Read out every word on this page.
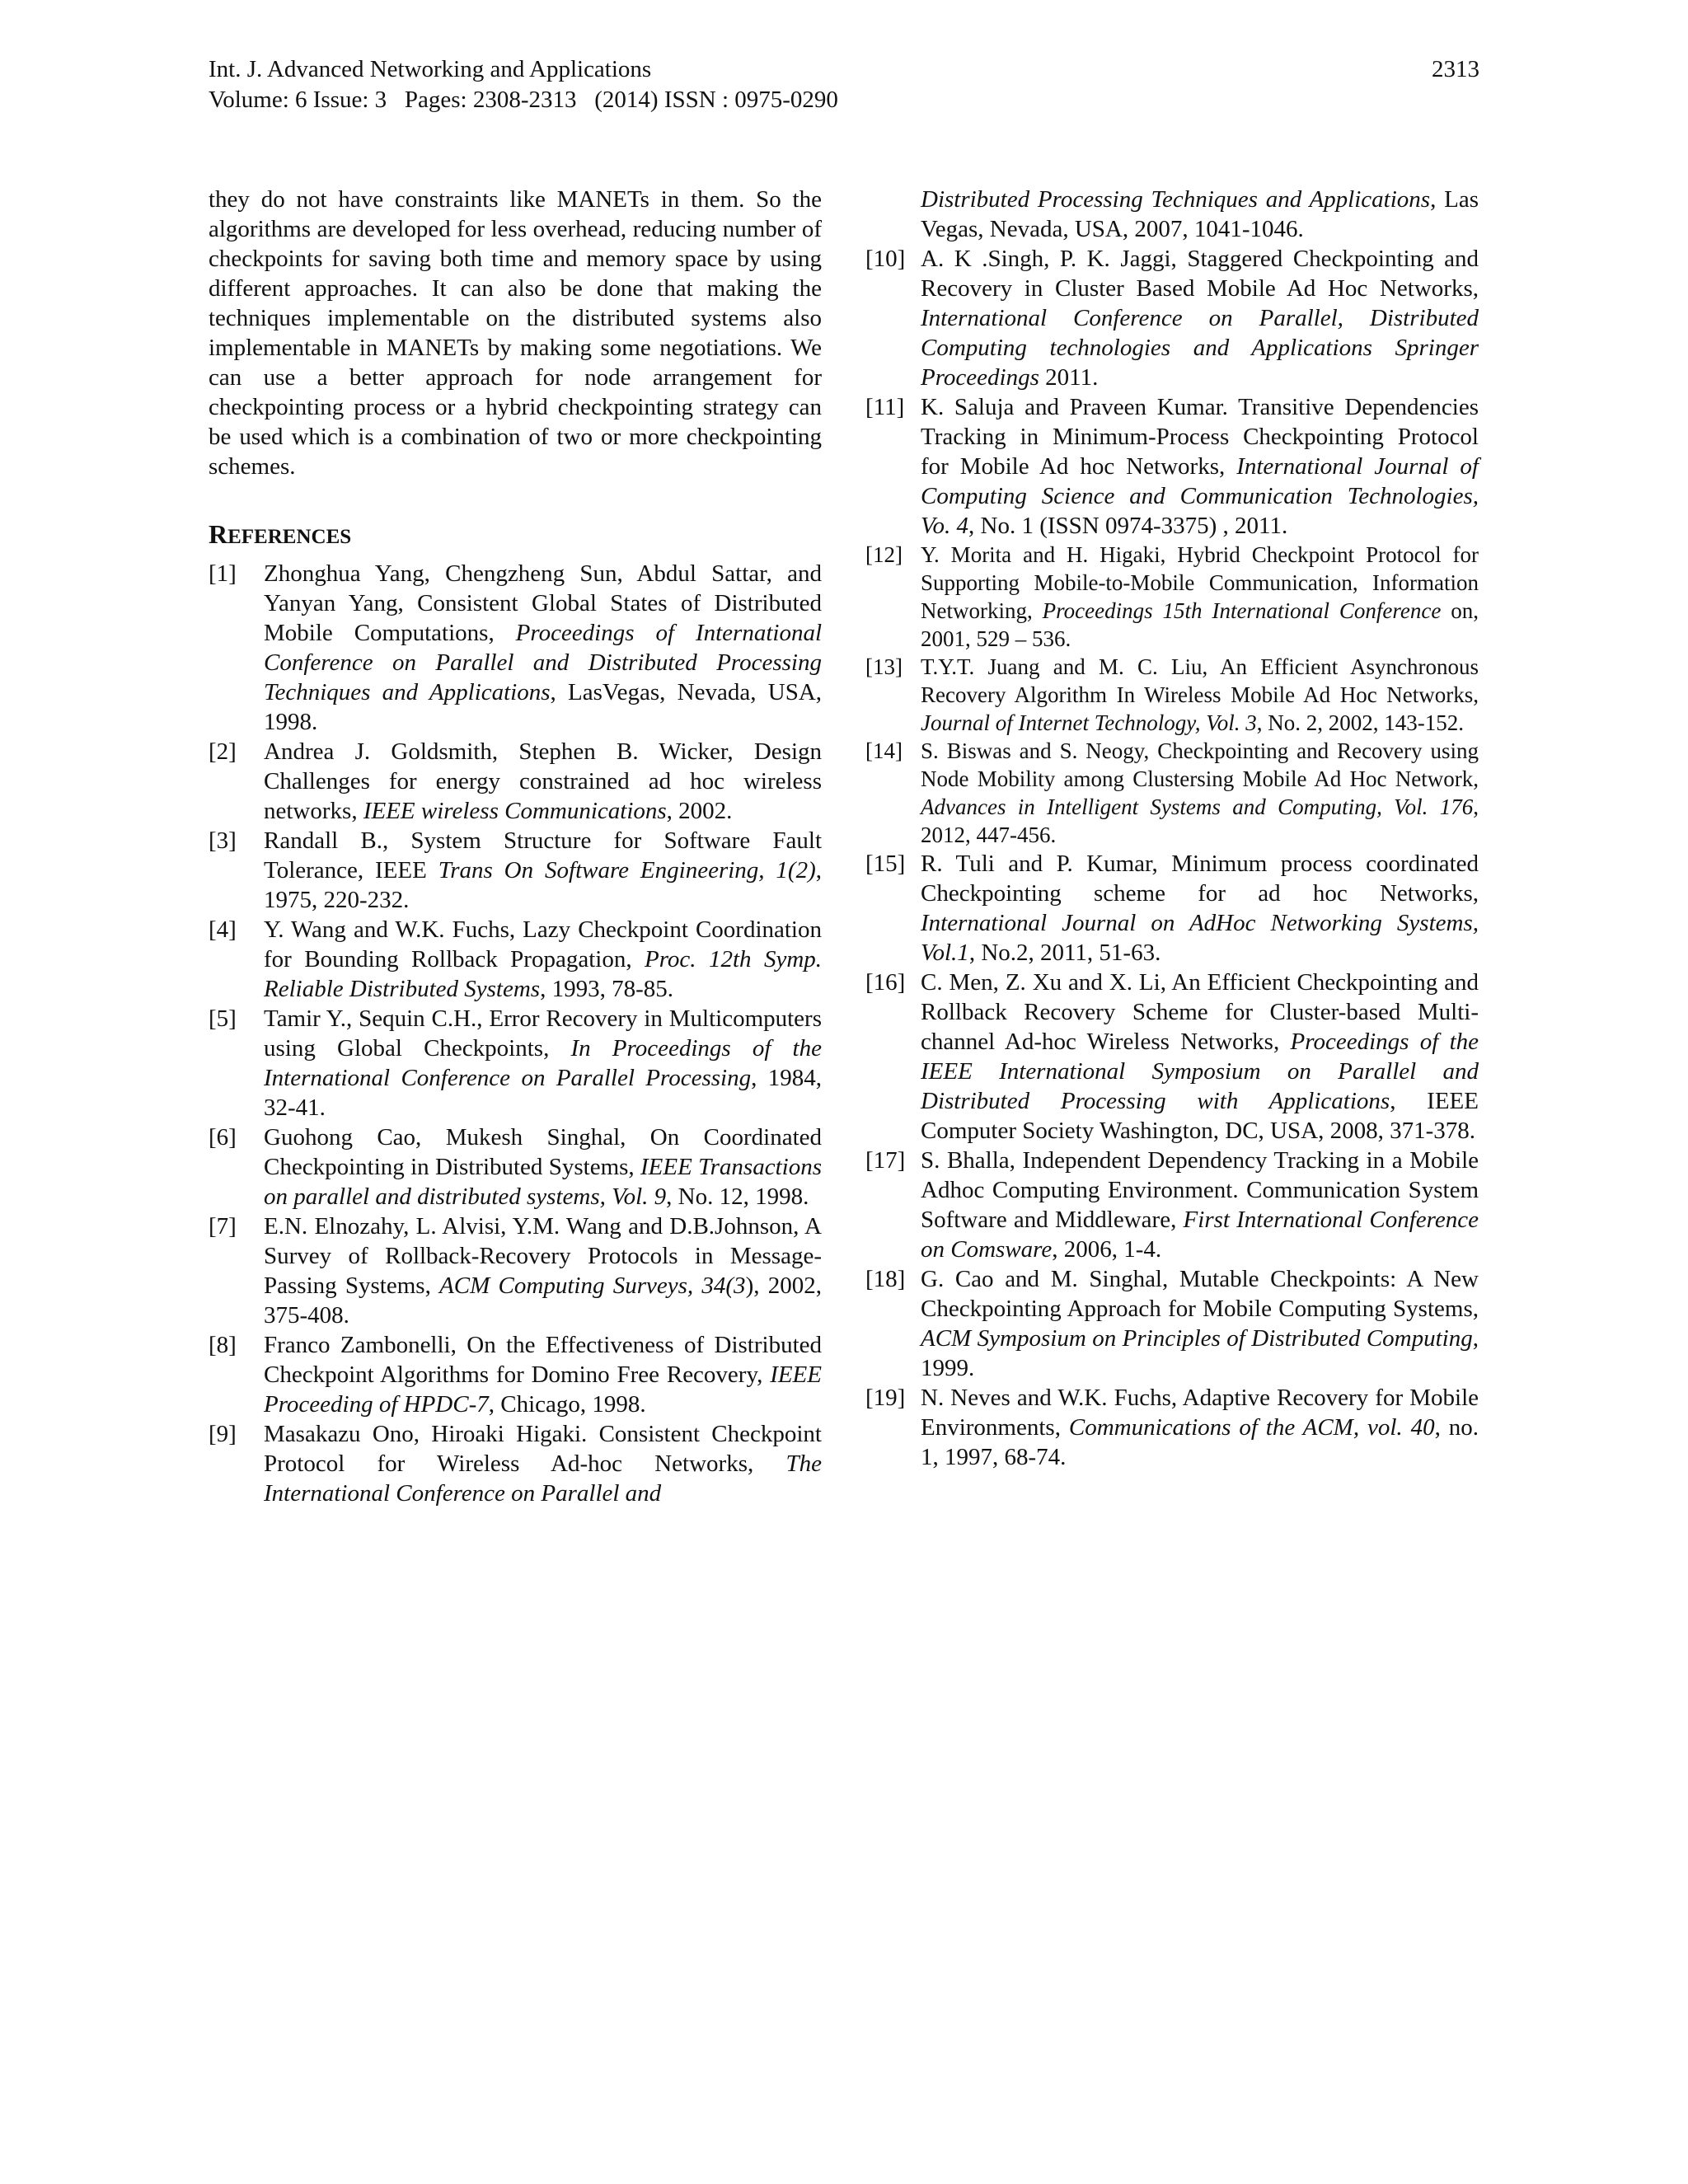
Int. J. Advanced Networking and Applications
Volume: 6 Issue: 3   Pages: 2308-2313   (2014) ISSN : 0975-0290
2313

they do not have constraints like MANETs in them. So the algorithms are developed for less overhead, reducing number of checkpoints for saving both time and memory space by using different approaches. It can also be done that making the techniques implementable on the distributed systems also implementable in MANETs by making some negotiations. We can use a better approach for node arrangement for checkpointing process or a hybrid checkpointing strategy can be used which is a combination of two or more checkpointing schemes.

REFERENCES
[1]	Zhonghua Yang, Chengzheng Sun, Abdul Sattar, and Yanyan Yang, Consistent Global States of Distributed Mobile Computations, Proceedings of International Conference on Parallel and Distributed Processing Techniques and Applications, LasVegas, Nevada, USA, 1998.
[2]	Andrea J. Goldsmith, Stephen B. Wicker, Design Challenges for energy constrained ad hoc wireless networks, IEEE wireless Communications, 2002.
[3]	Randall B., System Structure for Software Fault Tolerance, IEEE Trans On Software Engineering, 1(2), 1975, 220-232.
[4]	Y. Wang and W.K. Fuchs, Lazy Checkpoint Coordination for Bounding Rollback Propagation, Proc. 12th Symp. Reliable Distributed Systems, 1993, 78-85.
[5]	Tamir Y., Sequin C.H., Error Recovery in Multicomputers using Global Checkpoints, In Proceedings of the International Conference on Parallel Processing, 1984, 32-41.
[6]	Guohong Cao, Mukesh Singhal, On Coordinated Checkpointing in Distributed Systems, IEEE Transactions on parallel and distributed systems, Vol. 9, No. 12, 1998.
[7]	E.N. Elnozahy, L. Alvisi, Y.M. Wang and D.B.Johnson, A Survey of Rollback-Recovery Protocols in Message-Passing Systems, ACM Computing Surveys, 34(3), 2002, 375-408.
[8]	Franco Zambonelli, On the Effectiveness of Distributed Checkpoint Algorithms for Domino Free Recovery, IEEE Proceeding of HPDC-7, Chicago, 1998.
[9]	Masakazu Ono, Hiroaki Higaki. Consistent Checkpoint Protocol for Wireless Ad-hoc Networks, The International Conference on Parallel and
Distributed Processing Techniques and Applications, Las Vegas, Nevada, USA, 2007, 1041-1046.
[10] A. K .Singh, P. K. Jaggi, Staggered Checkpointing and Recovery in Cluster Based Mobile Ad Hoc Networks, International Conference on Parallel, Distributed Computing technologies and Applications Springer Proceedings 2011.
[11] K. Saluja and Praveen Kumar. Transitive Dependencies Tracking in Minimum-Process Checkpointing Protocol for Mobile Ad hoc Networks, International Journal of Computing Science and Communication Technologies, Vo. 4, No. 1 (ISSN 0974-3375) , 2011.
[12] Y. Morita and H. Higaki, Hybrid Checkpoint Protocol for Supporting Mobile-to-Mobile Communication, Information Networking, Proceedings 15th International Conference on, 2001, 529 – 536.
[13] T.Y.T. Juang and M. C. Liu, An Efficient Asynchronous Recovery Algorithm In Wireless Mobile Ad Hoc Networks, Journal of Internet Technology, Vol. 3, No. 2, 2002, 143-152.
[14] S. Biswas and S. Neogy, Checkpointing and Recovery using Node Mobility among Clustersing Mobile Ad Hoc Network, Advances in Intelligent Systems and Computing, Vol. 176, 2012, 447-456.
[15] R. Tuli and P. Kumar, Minimum process coordinated Checkpointing scheme for ad hoc Networks, International Journal on AdHoc Networking Systems, Vol.1, No.2, 2011, 51-63.
[16] C. Men, Z. Xu and X. Li, An Efficient Checkpointing and Rollback Recovery Scheme for Cluster-based Multi-channel Ad-hoc Wireless Networks, Proceedings of the IEEE International Symposium on Parallel and Distributed Processing with Applications, IEEE Computer Society Washington, DC, USA, 2008, 371-378.
[17] S. Bhalla, Independent Dependency Tracking in a Mobile Adhoc Computing Environment. Communication System Software and Middleware, First International Conference on Comsware, 2006, 1-4.
[18] G. Cao and M. Singhal, Mutable Checkpoints: A New Checkpointing Approach for Mobile Computing Systems, ACM Symposium on Principles of Distributed Computing, 1999.
[19] N. Neves and W.K. Fuchs, Adaptive Recovery for Mobile Environments, Communications of the ACM, vol. 40, no. 1, 1997, 68-74.
